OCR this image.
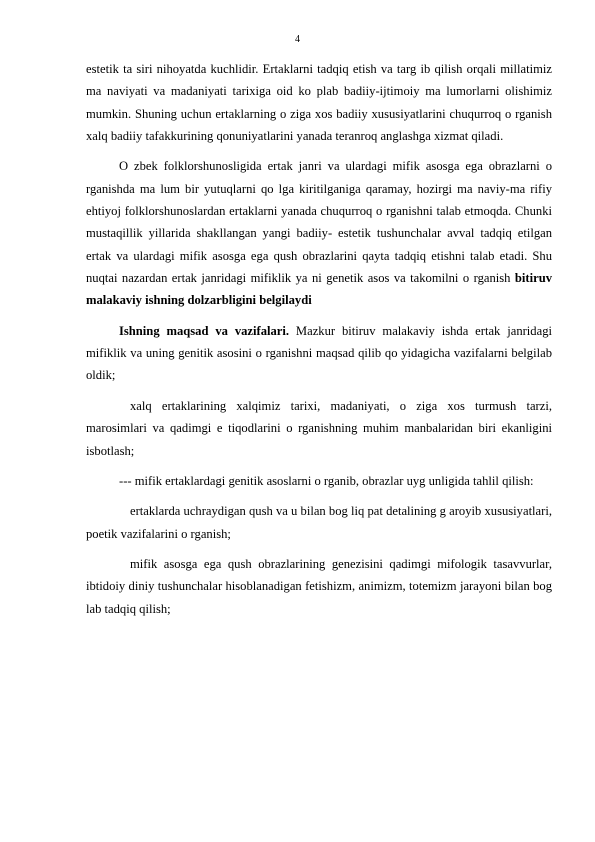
4

estetik ta siri nihoyatda kuchlidir. Ertaklarni tadqiq etish va targ ib qilish orqali millatimiz ma naviyati va madaniyati tarixiga oid ko plab badiiy-ijtimoiy ma lumorlarni olishimiz mumkin. Shuning uchun ertaklarning o ziga xos badiiy xususiyatlarini chuqurroq o rganish xalq badiiy tafakkurining qonuniyatlarini yanada teranroq anglashga xizmat qiladi.

O zbek folklorshunosligida ertak janri va ulardagi mifik asosga ega obrazlarni o rganishda ma lum bir yutuqlarni qo lga kiritilganiga qaramay, hozirgi ma naviy-ma rifiy ehtiyoj folklorshunoslardan ertaklarni yanada chuqurroq o rganishni talab etmoqda. Chunki mustaqillik yillarida shakllangan yangi badiiy- estetik tushunchalar avval tadqiq etilgan ertak va ulardagi mifik asosga ega qush obrazlarini qayta tadqiq etishni talab etadi. Shu nuqtai nazardan ertak janridagi mifiklik ya ni genetik asos va takomilni o rganish bitiruv malakaviy ishning dolzarbligini belgilaydi

Ishning maqsad va vazifalari. Mazkur bitiruv malakaviy ishda ertak janridagi mifiklik va uning genitik asosini o rganishni maqsad qilib qo yidagicha vazifalarni belgilab oldik;

xalq ertaklarining xalqimiz tarixi, madaniyati, o ziga xos turmush tarzi, marosimlari va qadimgi e tiqodlarini o rganishning muhim manbalaridan biri ekanligini isbotlash;

--- mifik ertaklardagi genitik asoslarni o rganib, obrazlar uyg unligida tahlil qilish:

ertaklarda uchraydigan qush va u bilan bog liq pat detalining g aroyib xususiyatlari, poetik vazifalarini o rganish;

mifik asosga ega qush obrazlarining genezisini qadimgi mifologik tasavvurlar, ibtidoiy diniy tushunchalar hisoblanadigan fetishizm, animizm, totemizm jarayoni bilan bog lab tadqiq qilish;
